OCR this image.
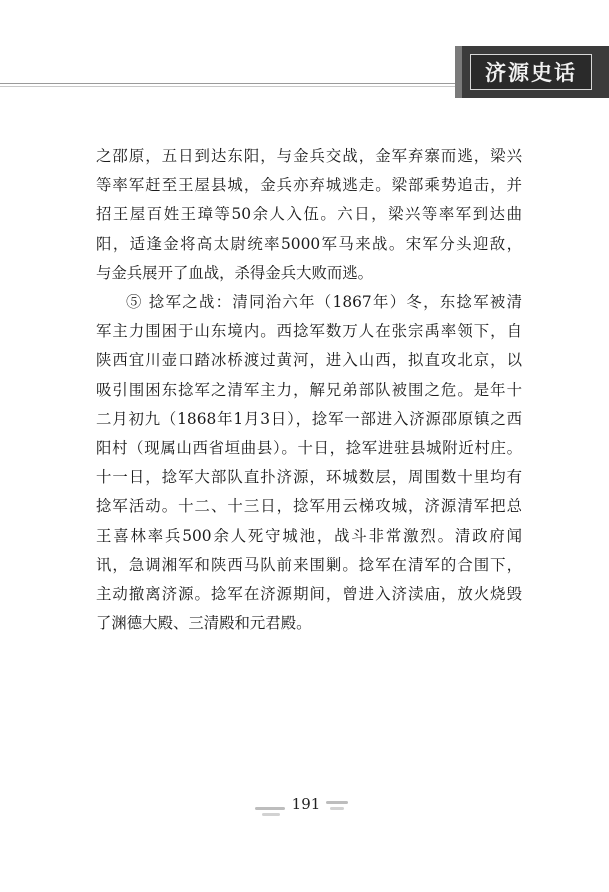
济源史话

之邵原，五日到达东阳，与金兵交战，金军弃寨而逃，梁兴
等率军赶至王屋县城，金兵亦弃城逃走。梁部乘势追击，并
招王屋百姓王璋等50余人入伍。六日，梁兴等率军到达曲
阳，适逢金将高太尉统率5000军马来战。宋军分头迎敌，
与金兵展开了血战，杀得金兵大败而逃。

⑤ 捻军之战：清同治六年（1867年）冬，东捻军被清
军主力围困于山东境内。西捻军数万人在张宗禹率领下，自
陕西宜川壶口踏冰桥渡过黄河，进入山西，拟直攻北京，以
吸引围困东捻军之清军主力，解兄弟部队被围之危。是年十
二月初九（1868年1月3日），捻军一部进入济源邵原镇之西
阳村（现属山西省垣曲县）。十日，捻军进驻县城附近村庄。
十一日，捻军大部队直扑济源，环城数层，周围数十里均有
捻军活动。十二、十三日，捻军用云梯攻城，济源清军把总
王喜林率兵500余人死守城池，战斗非常激烈。清政府闻
讯，急调湘军和陕西马队前来围剿。捻军在清军的合围下，
主动撤离济源。捻军在济源期间，曾进入济渎庙，放火烧毁
了渊德大殿、三清殿和元君殿。

191
